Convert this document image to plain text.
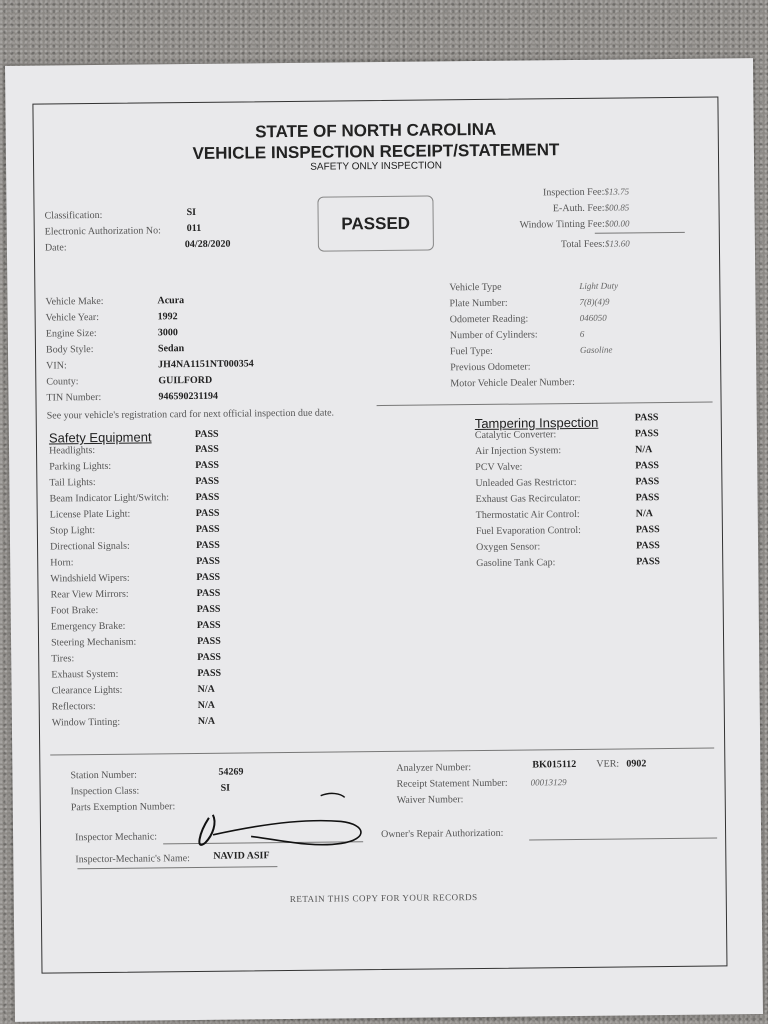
STATE OF NORTH CAROLINA
VEHICLE INSPECTION RECEIPT/STATEMENT
SAFETY ONLY INSPECTION
Classification:	SI
Electronic Authorization No:	011
Date:	04/28/2020
PASSED
Inspection Fee: $13.75
E-Auth. Fee: $00.85
Window Tinting Fee: $00.00
Total Fees: $13.60
Vehicle Make:	Acura
Vehicle Year:	1992
Engine Size:	3000
Body Style:	Sedan
VIN:	JH4NA1151NT000354
County:	GUILFORD
TIN Number:	946590231194
Vehicle Type	Light Duty
Plate Number:	7(8)(4)9
Odometer Reading:	046050
Number of Cylinders:	6
Fuel Type:	Gasoline
Previous Odometer:
Motor Vehicle Dealer Number:
See your vehicle's registration card for next official inspection due date.
Safety Equipment	PASS
Headlights:	PASS
Parking Lights:	PASS
Tail Lights:	PASS
Beam Indicator Light/Switch:	PASS
License Plate Light:	PASS
Stop Light:	PASS
Directional Signals:	PASS
Horn:	PASS
Windshield Wipers:	PASS
Rear View Mirrors:	PASS
Foot Brake:	PASS
Emergency Brake:	PASS
Steering Mechanism:	PASS
Tires:	PASS
Exhaust System:	PASS
Clearance Lights:	N/A
Reflectors:	N/A
Window Tinting:	N/A
Tampering Inspection	PASS
Catalytic Converter:	PASS
Air Injection System:	N/A
PCV Valve:	PASS
Unleaded Gas Restrictor:	PASS
Exhaust Gas Recirculator:	PASS
Thermostatic Air Control:	N/A
Fuel Evaporation Control:	PASS
Oxygen Sensor:	PASS
Gasoline Tank Cap:	PASS
Station Number:	54269
Inspection Class:	SI
Parts Exemption Number:
Analyzer Number:	BK015112 VER: 0902
Receipt Statement Number:	00013129
Waiver Number:
Inspector Mechanic:	Owner's Repair Authorization:
Inspector-Mechanic's Name: NAVID ASIF
RETAIN THIS COPY FOR YOUR RECORDS
